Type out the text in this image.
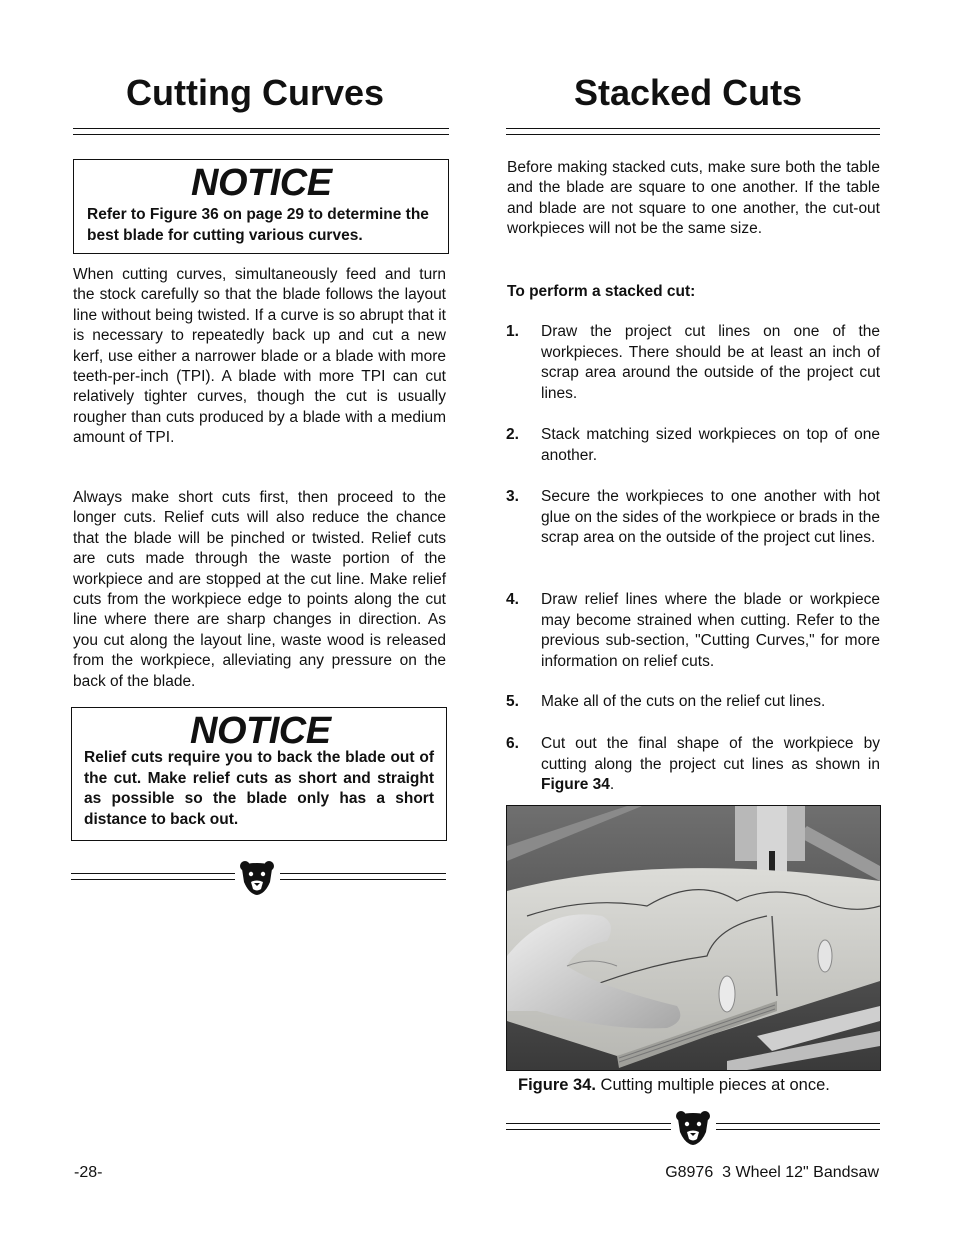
Cutting Curves
NOTICE
Refer to Figure 36 on page 29 to determine the best blade for cutting various curves.

When cutting curves, simultaneously feed and turn the stock carefully so that the blade follows the layout line without being twisted. If a curve is so abrupt that it is necessary to repeatedly back up and cut a new kerf, use either a narrower blade or a blade with more teeth-per-inch (TPI). A blade with more TPI can cut relatively tighter curves, though the cut is usually rougher than cuts produced by a blade with a medium amount of TPI.

Always make short cuts first, then proceed to the longer cuts. Relief cuts will also reduce the chance that the blade will be pinched or twisted. Relief cuts are cuts made through the waste portion of the workpiece and are stopped at the cut line. Make relief cuts from the workpiece edge to points along the cut line where there are sharp changes in direction. As you cut along the layout line, waste wood is released from the workpiece, alleviating any pressure on the back of the blade.

NOTICE
Relief cuts require you to back the blade out of the cut. Make relief cuts as short and straight as possible so the blade only has a short distance to back out.
Stacked Cuts

Before making stacked cuts, make sure both the table and the blade are square to one another. If the table and blade are not square to one another, the cut-out workpieces will not be the same size.

To perform a stacked cut:

1. Draw the project cut lines on one of the workpieces. There should be at least an inch of scrap area around the outside of the project cut lines.
2. Stack matching sized workpieces on top of one another.
3. Secure the workpieces to one another with hot glue on the sides of the workpiece or brads in the scrap area on the outside of the project cut lines.
4. Draw relief lines where the blade or workpiece may become strained when cutting. Refer to the previous sub-section, "Cutting Curves," for more information on relief cuts.
5. Make all of the cuts on the relief cut lines.
6. Cut out the final shape of the workpiece by cutting along the project cut lines as shown in Figure 34.
Figure 34. Cutting multiple pieces at once.
-28-	G8976  3 Wheel 12" Bandsaw
